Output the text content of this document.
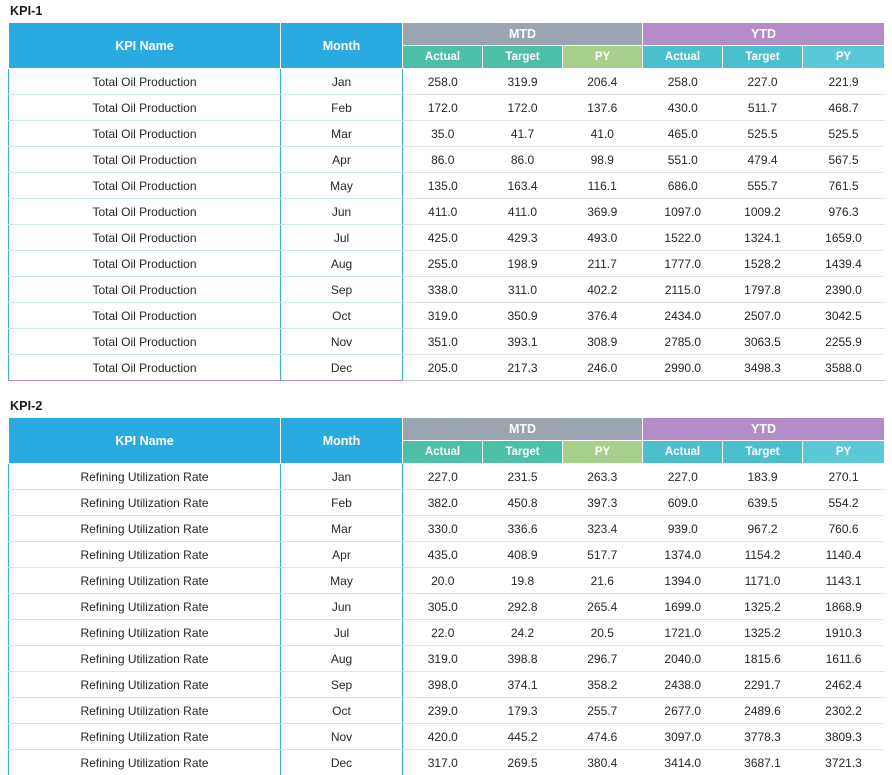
KPI-1
KPI Name	Month	MTD			YTD		
		Actual	Target	PY	Actual	Target	PY
Total Oil Production	Jan	258.0	319.9	206.4	258.0	227.0	221.9
Total Oil Production	Feb	172.0	172.0	137.6	430.0	511.7	468.7
Total Oil Production	Mar	35.0	41.7	41.0	465.0	525.5	525.5
Total Oil Production	Apr	86.0	86.0	98.9	551.0	479.4	567.5
Total Oil Production	May	135.0	163.4	116.1	686.0	555.7	761.5
Total Oil Production	Jun	411.0	411.0	369.9	1097.0	1009.2	976.3
Total Oil Production	Jul	425.0	429.3	493.0	1522.0	1324.1	1659.0
Total Oil Production	Aug	255.0	198.9	211.7	1777.0	1528.2	1439.4
Total Oil Production	Sep	338.0	311.0	402.2	2115.0	1797.8	2390.0
Total Oil Production	Oct	319.0	350.9	376.4	2434.0	2507.0	3042.5
Total Oil Production	Nov	351.0	393.1	308.9	2785.0	3063.5	2255.9
Total Oil Production	Dec	205.0	217.3	246.0	2990.0	3498.3	3588.0
KPI-2
KPI Name	Month	MTD			YTD		
		Actual	Target	PY	Actual	Target	PY
Refining Utilization Rate	Jan	227.0	231.5	263.3	227.0	183.9	270.1
Refining Utilization Rate	Feb	382.0	450.8	397.3	609.0	639.5	554.2
Refining Utilization Rate	Mar	330.0	336.6	323.4	939.0	967.2	760.6
Refining Utilization Rate	Apr	435.0	408.9	517.7	1374.0	1154.2	1140.4
Refining Utilization Rate	May	20.0	19.8	21.6	1394.0	1171.0	1143.1
Refining Utilization Rate	Jun	305.0	292.8	265.4	1699.0	1325.2	1868.9
Refining Utilization Rate	Jul	22.0	24.2	20.5	1721.0	1325.2	1910.3
Refining Utilization Rate	Aug	319.0	398.8	296.7	2040.0	1815.6	1611.6
Refining Utilization Rate	Sep	398.0	374.1	358.2	2438.0	2291.7	2462.4
Refining Utilization Rate	Oct	239.0	179.3	255.7	2677.0	2489.6	2302.2
Refining Utilization Rate	Nov	420.0	445.2	474.6	3097.0	3778.3	3809.3
Refining Utilization Rate	Dec	317.0	269.5	380.4	3414.0	3687.1	3721.3
